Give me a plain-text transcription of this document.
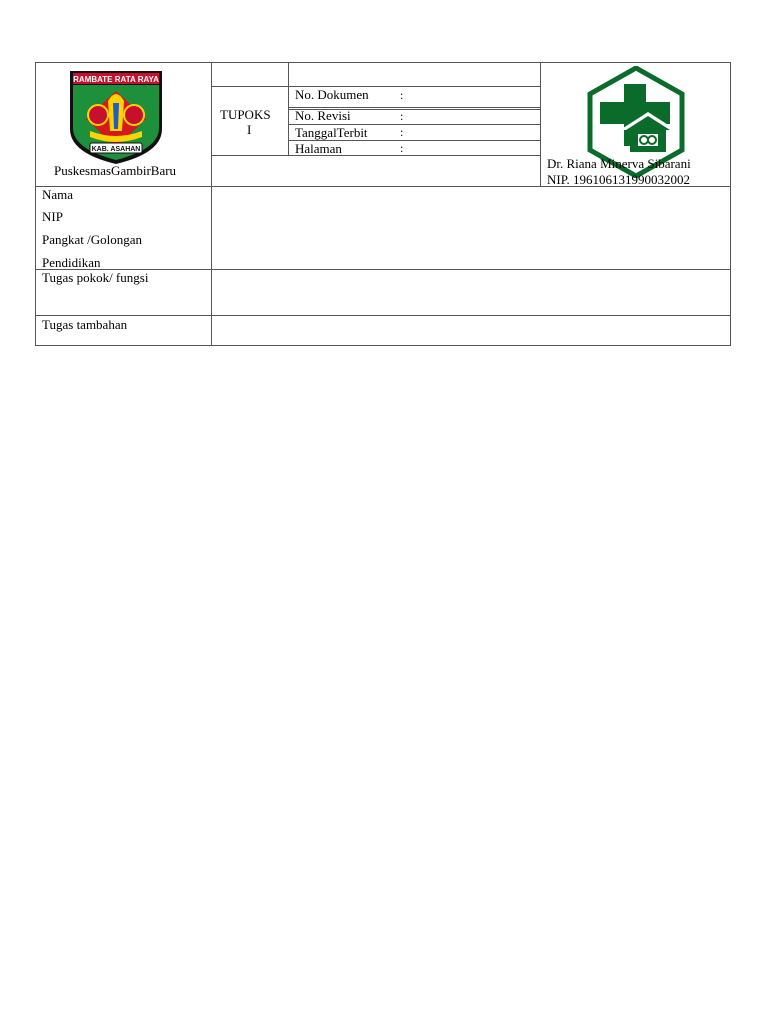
RAMBATE RATA RAYA
KAB. ASAHAN
PuskesmasGambirBaru
TUPOKS
I
No. Dokumen	:
No. Revisi	:
TanggalTerbit	:
Halaman	:
Dr. Riana Minerva Sibarani
NIP. 196106131990032002
Nama
NIP
Pangkat /Golongan
Pendidikan
Tugas pokok/ fungsi
Tugas tambahan
